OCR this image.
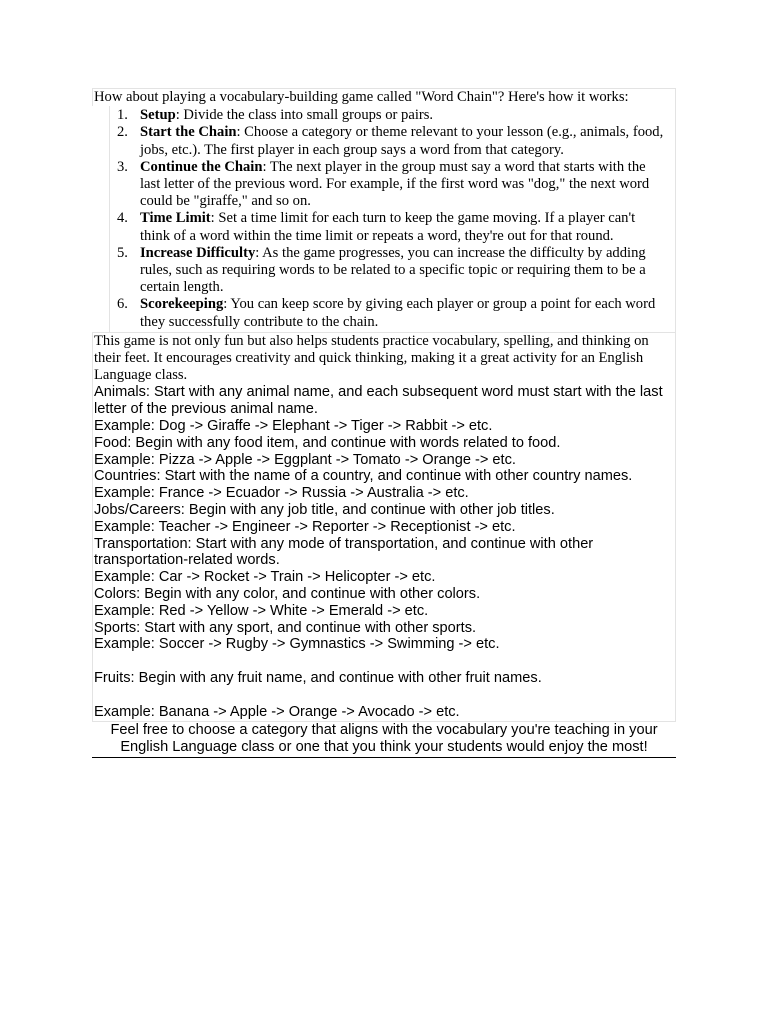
How about playing a vocabulary-building game called "Word Chain"? Here's how it works:
1. Setup: Divide the class into small groups or pairs.
2. Start the Chain: Choose a category or theme relevant to your lesson (e.g., animals, food, jobs, etc.). The first player in each group says a word from that category.
3. Continue the Chain: The next player in the group must say a word that starts with the last letter of the previous word. For example, if the first word was "dog," the next word could be "giraffe," and so on.
4. Time Limit: Set a time limit for each turn to keep the game moving. If a player can't think of a word within the time limit or repeats a word, they're out for that round.
5. Increase Difficulty: As the game progresses, you can increase the difficulty by adding rules, such as requiring words to be related to a specific topic or requiring them to be a certain length.
6. Scorekeeping: You can keep score by giving each player or group a point for each word they successfully contribute to the chain.
This game is not only fun but also helps students practice vocabulary, spelling, and thinking on their feet. It encourages creativity and quick thinking, making it a great activity for an English Language class.
Animals: Start with any animal name, and each subsequent word must start with the last letter of the previous animal name.
Example: Dog -> Giraffe -> Elephant -> Tiger -> Rabbit -> etc.
Food: Begin with any food item, and continue with words related to food.
Example: Pizza -> Apple -> Eggplant -> Tomato -> Orange -> etc.
Countries: Start with the name of a country, and continue with other country names.
Example: France -> Ecuador -> Russia -> Australia -> etc.
Jobs/Careers: Begin with any job title, and continue with other job titles.
Example: Teacher -> Engineer -> Reporter -> Receptionist -> etc.
Transportation: Start with any mode of transportation, and continue with other transportation-related words.
Example: Car -> Rocket -> Train -> Helicopter -> etc.
Colors: Begin with any color, and continue with other colors.
Example: Red -> Yellow -> White -> Emerald -> etc.
Sports: Start with any sport, and continue with other sports.
Example: Soccer -> Rugby -> Gymnastics -> Swimming -> etc.
Fruits: Begin with any fruit name, and continue with other fruit names.
Example: Banana -> Apple -> Orange -> Avocado -> etc.
Feel free to choose a category that aligns with the vocabulary you're teaching in your English Language class or one that you think your students would enjoy the most!
